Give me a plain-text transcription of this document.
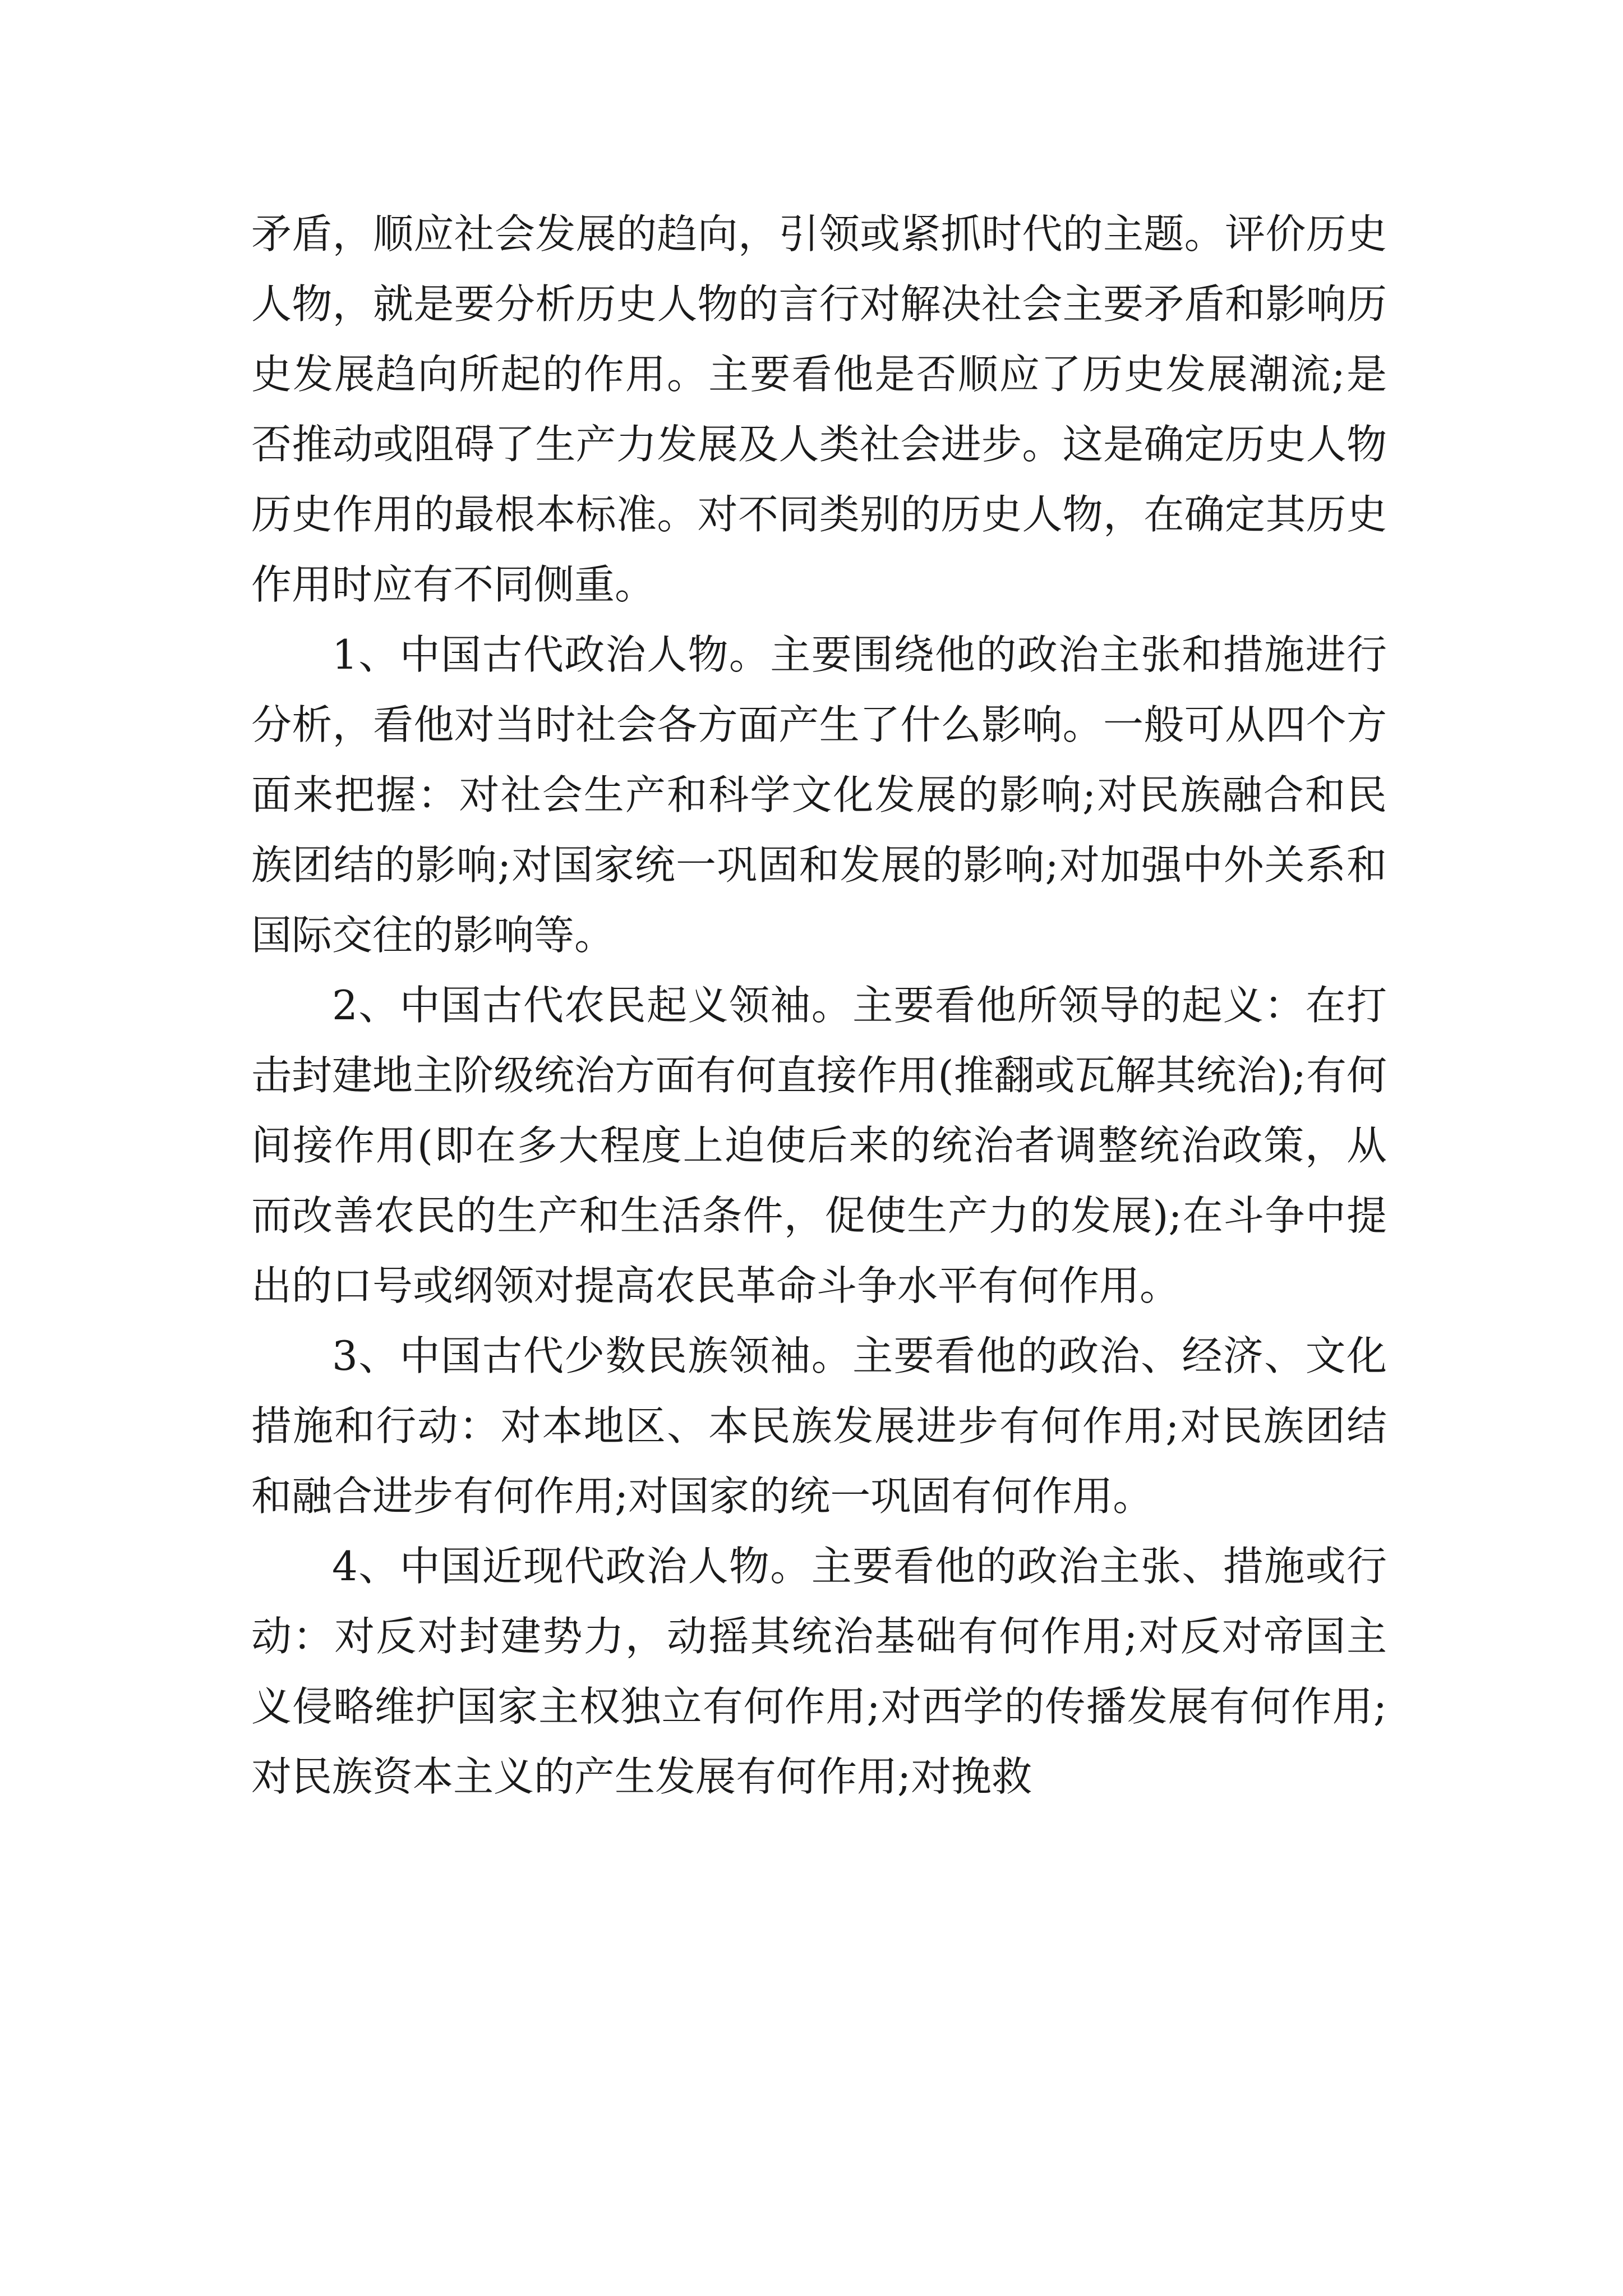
矛盾，顺应社会发展的趋向，引领或紧抓时代的主题。评价历史人物，就是要分析历史人物的言行对解决社会主要矛盾和影响历史发展趋向所起的作用。主要看他是否顺应了历史发展潮流;是否推动或阻碍了生产力发展及人类社会进步。这是确定历史人物历史作用的最根本标准。对不同类别的历史人物，在确定其历史作用时应有不同侧重。

1、中国古代政治人物。主要围绕他的政治主张和措施进行分析，看他对当时社会各方面产生了什么影响。一般可从四个方面来把握：对社会生产和科学文化发展的影响;对民族融合和民族团结的影响;对国家统一巩固和发展的影响;对加强中外关系和国际交往的影响等。

2、中国古代农民起义领袖。主要看他所领导的起义：在打击封建地主阶级统治方面有何直接作用(推翻或瓦解其统治);有何间接作用(即在多大程度上迫使后来的统治者调整统治政策，从而改善农民的生产和生活条件，促使生产力的发展);在斗争中提出的口号或纲领对提高农民革命斗争水平有何作用。

3、中国古代少数民族领袖。主要看他的政治、经济、文化措施和行动：对本地区、本民族发展进步有何作用;对民族团结和融合进步有何作用;对国家的统一巩固有何作用。

4、中国近现代政治人物。主要看他的政治主张、措施或行动：对反对封建势力，动摇其统治基础有何作用;对反对帝国主义侵略维护国家主权独立有何作用;对西学的传播发展有何作用;对民族资本主义的产生发展有何作用;对挽救
